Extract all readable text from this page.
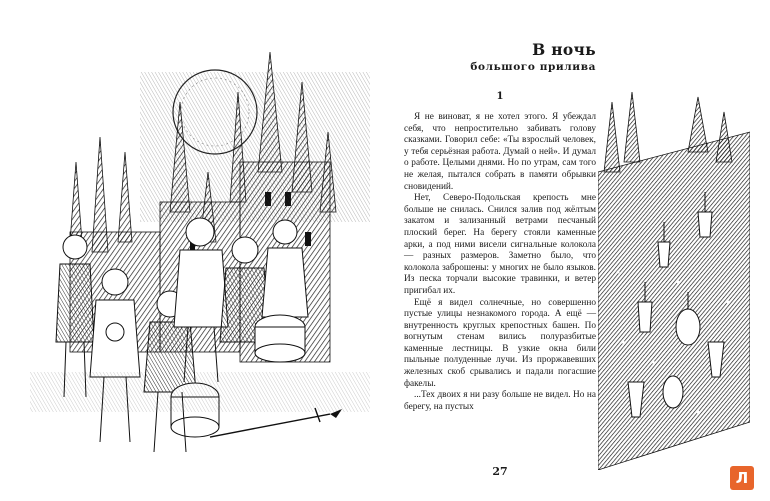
В ночь
большого прилива
1

Я не виноват, я не хотел этого. Я убеждал себя, что непростительно забивать голову сказками. Говорил себе: «Ты взрослый человек, у тебя серьёзная работа. Думай о ней». И думал о работе. Целыми днями. Но по утрам, сам того не желая, пытался собрать в памяти обрывки сновидений.

Нет, Северо-Подольская крепость мне больше не снилась. Снился залив под жёлтым закатом и зализанный ветрами песчаный плоский берег. На берегу стояли каменные арки, а под ними висели сигнальные колокола — разных размеров. Заметно было, что колокола заброшены: у многих не было языков. Из песка торчали высокие травинки, и ветер пригибал их.

Ещё я видел солнечные, но совершенно пустые улицы незнакомого города. А ещё — внутренность круглых крепостных башен. По вогнутым стенам вились полуразбитые каменные лестницы. В узкие окна били пыльные полуденные лучи. Из проржавевших железных скоб срывались и падали погасшие факелы.

...Тех двоих я ни разу больше не видел. Но на берегу, на пустых

27	Л
